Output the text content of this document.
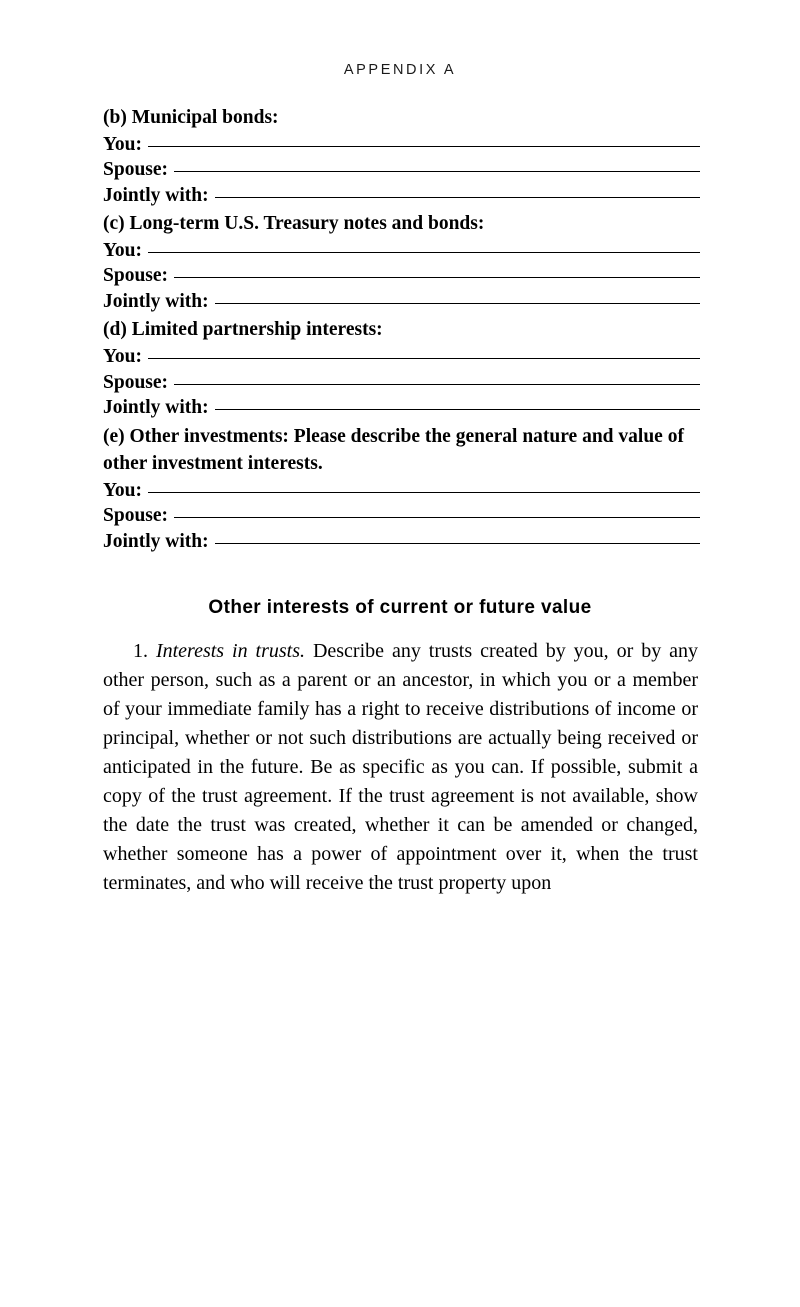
APPENDIX A
(b) Municipal bonds:
You:
Spouse:
Jointly with:
(c) Long-term U.S. Treasury notes and bonds:
You:
Spouse:
Jointly with:
(d) Limited partnership interests:
You:
Spouse:
Jointly with:
(e) Other investments: Please describe the general nature and value of other investment interests.
You:
Spouse:
Jointly with:
Other interests of current or future value

1. Interests in trusts. Describe any trusts created by you, or by any other person, such as a parent or an ancestor, in which you or a member of your immediate family has a right to receive distributions of income or principal, whether or not such distributions are actually being received or anticipated in the future. Be as specific as you can. If possible, submit a copy of the trust agreement. If the trust agreement is not available, show the date the trust was created, whether it can be amended or changed, whether someone has a power of appointment over it, when the trust terminates, and who will receive the trust property upon
